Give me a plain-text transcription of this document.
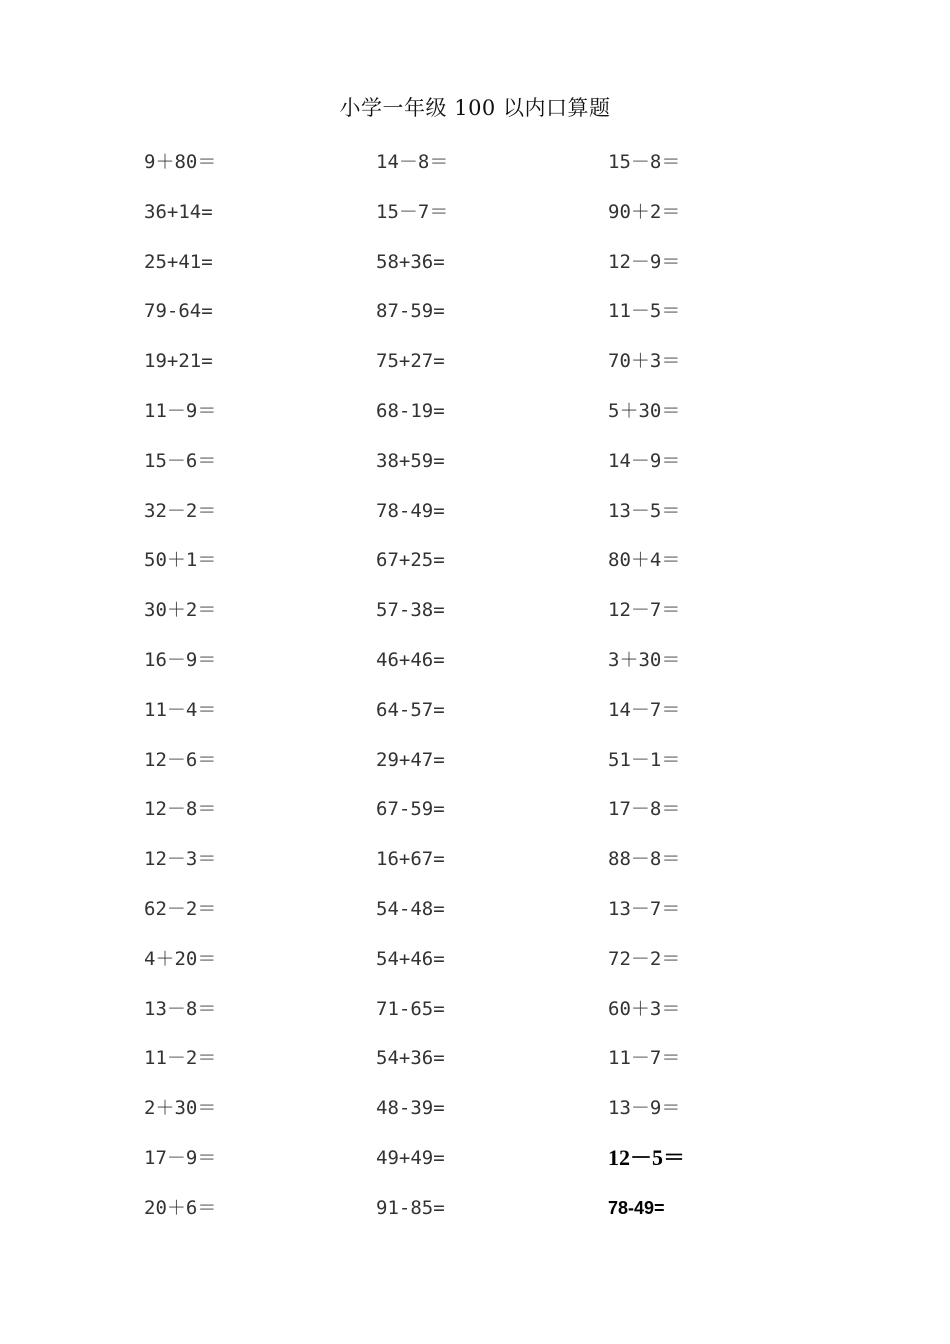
小学一年级 100 以内口算题
9＋80＝
36+14=
25+41=
79-64=
19+21=
11－9＝
15－6＝
32－2＝
50＋1＝
30＋2＝
16－9＝
11－4＝
12－6＝
12－8＝
12－3＝
62－2＝
4＋20＝
13－8＝
11－2＝
2＋30＝
17－9＝
20＋6＝
14－8＝
15－7＝
58+36=
87-59=
75+27=
68-19=
38+59=
78-49=
67+25=
57-38=
46+46=
64-57=
29+47=
67-59=
16+67=
54-48=
54+46=
71-65=
54+36=
48-39=
49+49=
91-85=
15－8＝
90＋2＝
12－9＝
11－5＝
70＋3＝
5＋30＝
14－9＝
13－5＝
80＋4＝
12－7＝
3＋30＝
14－7＝
51－1＝
17－8＝
88－8＝
13－7＝
72－2＝
60＋3＝
11－7＝
13－9＝
12－5＝
78-49=
